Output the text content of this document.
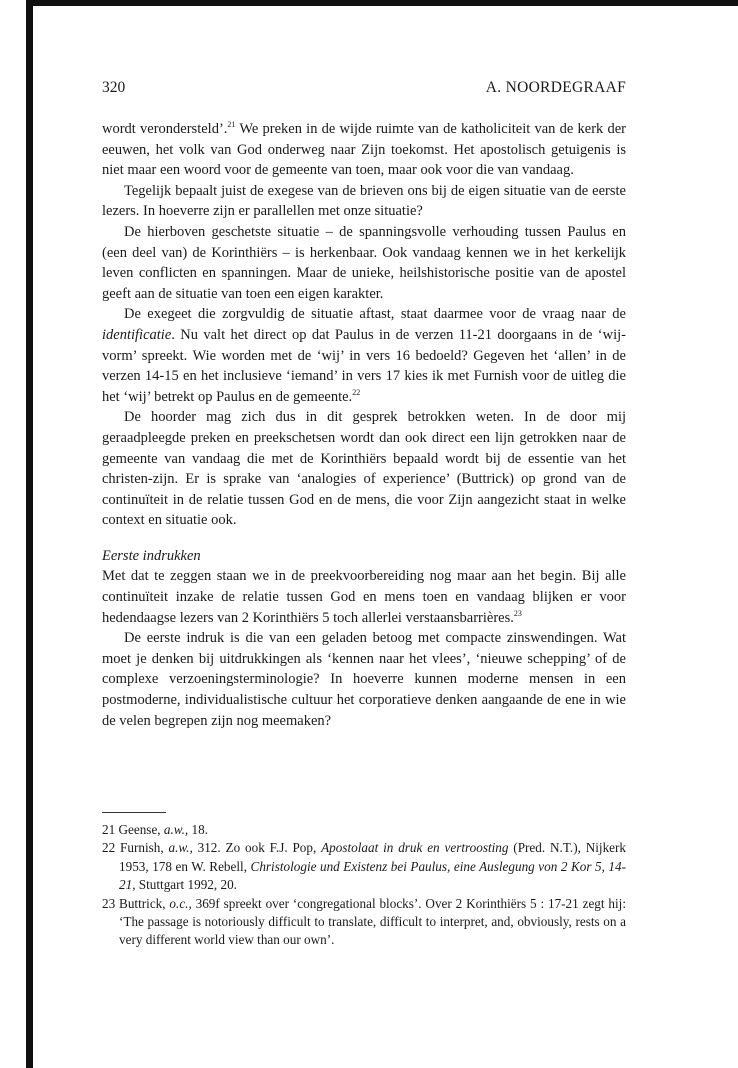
320	A. NOORDEGRAAF

wordt verondersteld’.$^{21}$ We preken in de wijde ruimte van de katholiciteit van de kerk der eeuwen, het volk van God onderweg naar Zijn toekomst. Het apostolisch getuigenis is niet maar een woord voor de gemeente van toen, maar ook voor die van vandaag.

Tegelijk bepaalt juist de exegese van de brieven ons bij de eigen situatie van de eerste lezers. In hoeverre zijn er parallellen met onze situatie?

De hierboven geschetste situatie – de spanningsvolle verhouding tussen Paulus en (een deel van) de Korinthiërs – is herkenbaar. Ook vandaag kennen we in het kerkelijk leven conflicten en spanningen. Maar de unieke, heilshistorische positie van de apostel geeft aan de situatie van toen een eigen karakter.

De exegeet die zorgvuldig de situatie aftast, staat daarmee voor de vraag naar de identificatie. Nu valt het direct op dat Paulus in de verzen 11-21 doorgaans in de ‘wij-vorm’ spreekt. Wie worden met de ‘wij’ in vers 16 bedoeld? Gegeven het ‘allen’ in de verzen 14-15 en het inclusieve ‘iemand’ in vers 17 kies ik met Furnish voor de uitleg die het ‘wij’ betrekt op Paulus en de gemeente.$^{22}$

De hoorder mag zich dus in dit gesprek betrokken weten. In de door mij geraadpleegde preken en preekschetsen wordt dan ook direct een lijn getrokken naar de gemeente van vandaag die met de Korinthiërs bepaald wordt bij de essentie van het christen-zijn. Er is sprake van ‘analogies of experience’ (Buttrick) op grond van de continuïteit in de relatie tussen God en de mens, die voor Zijn aangezicht staat in welke context en situatie ook.

Eerste indrukken

Met dat te zeggen staan we in de preekvoorbereiding nog maar aan het begin. Bij alle continuïteit inzake de relatie tussen God en mens toen en vandaag blijken er voor hedendaagse lezers van 2 Korinthiërs 5 toch allerlei verstaansbarrières.$^{23}$

De eerste indruk is die van een geladen betoog met compacte zinswendingen. Wat moet je denken bij uitdrukkingen als ‘kennen naar het vlees’, ‘nieuwe schepping’ of de complexe verzoeningsterminologie? In hoeverre kunnen moderne mensen in een postmoderne, individualistische cultuur het corporatieve denken aangaande de ene in wie de velen begrepen zijn nog meemaken?

21 Geense, a.w., 18.

22 Furnish, a.w., 312. Zo ook F.J. Pop, Apostolaat in druk en vertroosting (Pred. N.T.), Nijkerk 1953, 178 en W. Rebell, Christologie und Existenz bei Paulus, eine Auslegung von 2 Kor 5, 14-21, Stuttgart 1992, 20.

23 Buttrick, o.c., 369f spreekt over ‘congregational blocks’. Over 2 Korinthiërs 5 : 17-21 zegt hij: ‘The passage is notoriously difficult to translate, difficult to interpret, and, obviously, rests on a very different world view than our own’.
